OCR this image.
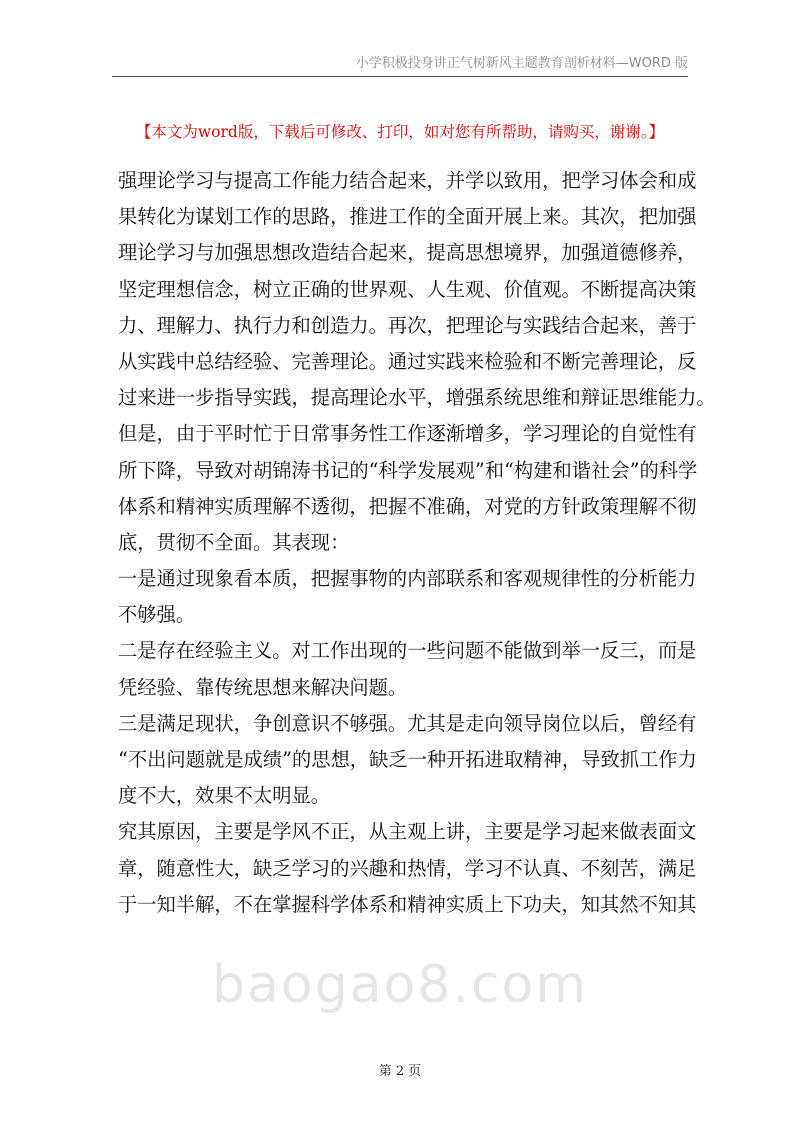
小学积极投身讲正气树新风主题教育剖析材料—WORD 版
【本文为word版，下载后可修改、打印，如对您有所帮助，请购买，谢谢。】
强理论学习与提高工作能力结合起来，并学以致用，把学习体会和成
果转化为谋划工作的思路，推进工作的全面开展上来。其次，把加强
理论学习与加强思想改造结合起来，提高思想境界，加强道德修养，
坚定理想信念，树立正确的世界观、人生观、价值观。不断提高决策
力、理解力、执行力和创造力。再次，把理论与实践结合起来，善于
从实践中总结经验、完善理论。通过实践来检验和不断完善理论，反
过来进一步指导实践，提高理论水平，增强系统思维和辩证思维能力。
但是，由于平时忙于日常事务性工作逐渐增多，学习理论的自觉性有
所下降，导致对胡锦涛书记的“科学发展观”和“构建和谐社会”的科学
体系和精神实质理解不透彻，把握不准确，对党的方针政策理解不彻
底，贯彻不全面。其表现：
一是通过现象看本质，把握事物的内部联系和客观规律性的分析能力
不够强。
二是存在经验主义。对工作出现的一些问题不能做到举一反三，而是
凭经验、靠传统思想来解决问题。
三是满足现状，争创意识不够强。尤其是走向领导岗位以后，曾经有
“不出问题就是成绩”的思想，缺乏一种开拓进取精神，导致抓工作力
度不大，效果不太明显。
究其原因，主要是学风不正，从主观上讲，主要是学习起来做表面文
章，随意性大，缺乏学习的兴趣和热情，学习不认真、不刻苦，满足
于一知半解，不在掌握科学体系和精神实质上下功夫，知其然不知其
baogao8.com
第 2 页
